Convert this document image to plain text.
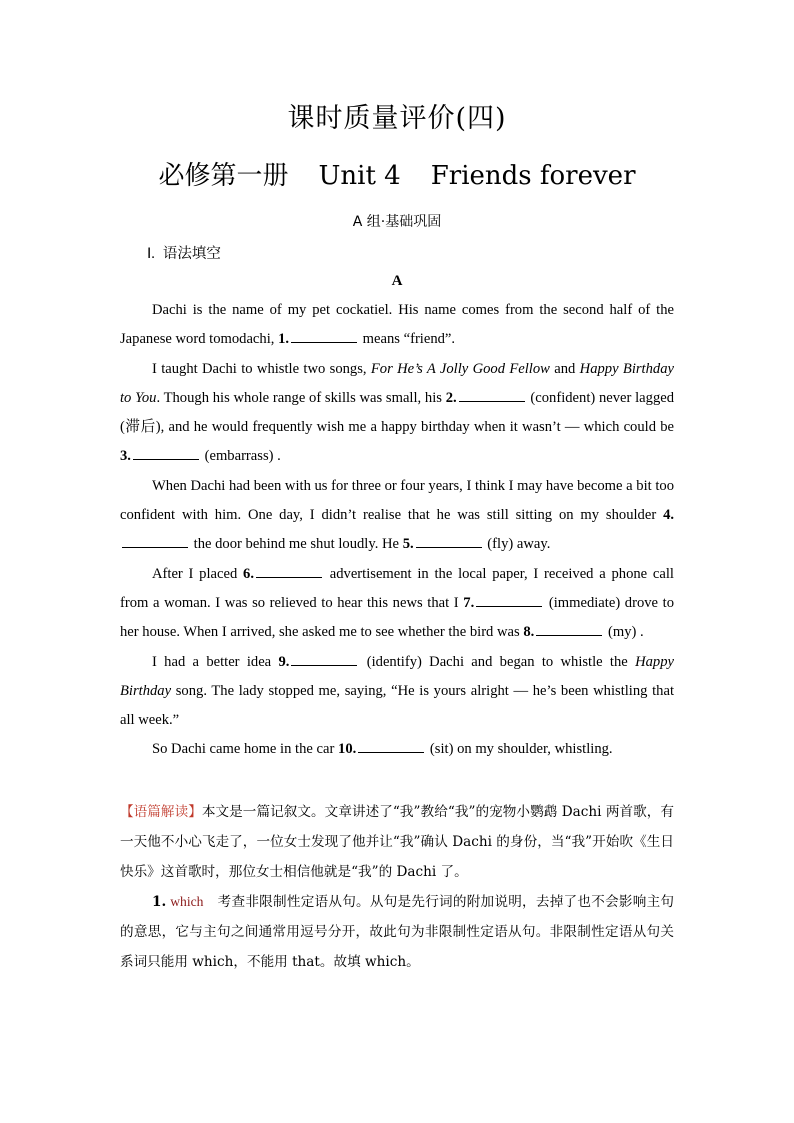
课时质量评价(四)
必修第一册 Unit 4 Friends forever
A 组·基础巩固
Ⅰ. 语法填空
A

Dachi is the name of my pet cockatiel. His name comes from the second half of the Japanese word tomodachi, 1.	means “friend”.

I taught Dachi to whistle two songs, For He’s A Jolly Good Fellow and Happy Birthday to You. Though his whole range of skills was small, his 2.	(confident) never lagged (滞后), and he would frequently wish me a happy birthday when it wasn’t — which could be 3.	(embarrass) .

When Dachi had been with us for three or four years, I think I may have become a bit too confident with him. One day, I didn’t realise that he was still sitting on my shoulder 4. the door behind me shut loudly. He 5.	(fly) away.

After I placed 6.	advertisement in the local paper, I received a phone call from a woman. I was so relieved to hear this news that I 7.	(immediate) drove to her house. When I arrived, she asked me to see whether the bird was 8.	(my) .

I had a better idea 9.	(identify) Dachi and began to whistle the Happy Birthday song. The lady stopped me, saying, “He is yours alright — he’s been whistling that all week.”

So Dachi came home in the car 10.	(sit) on my shoulder, whistling.

【语篇解读】本文是一篇记叙文。文章讲述了“我”教给“我”的宠物小鹦鹉 Dachi 两首歌，有一天他不小心飞走了，一位女士发现了他并让“我”确认 Dachi 的身份，当“我”开始吹《生日快乐》这首歌时，那位女士相信他就是“我”的 Dachi 了。

1. which 考查非限制性定语从句。从句是先行词的附加说明，去掉了也不会影响主句的意思，它与主句之间通常用逗号分开，故此句为非限制性定语从句。非限制性定语从句关系词只能用 which，不能用 that。故填 which。
